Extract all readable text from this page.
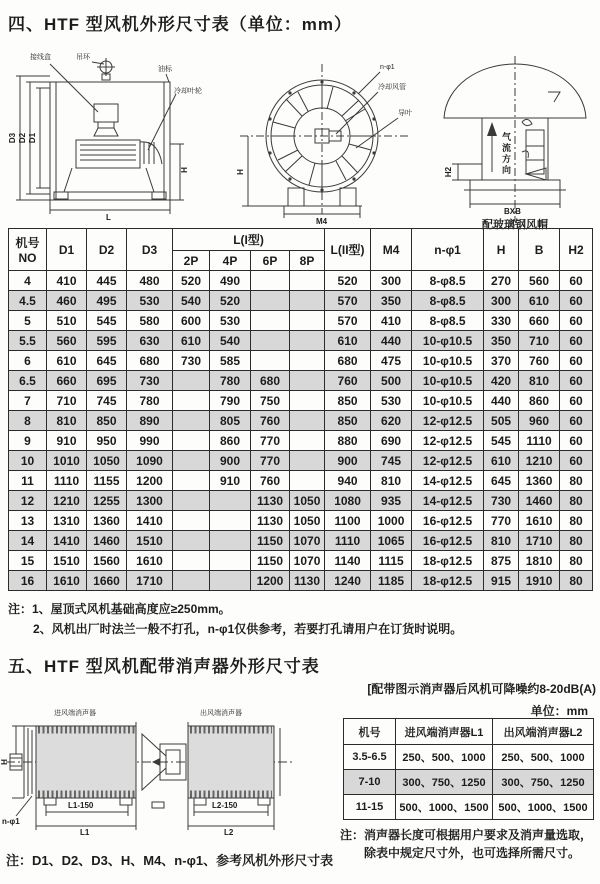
四、HTF 型风机外形尺寸表（单位：mm）
接线盒	吊环
油标
冷却叶轮
D3 D2 D1
L
H
n-φ1
冷却风管
导叶
M4
H	气流方向
H2
BXB
配玻璃钢风帽
机号
NO	D1	D2	D3	L(I型)				L(II型)	M4	n-φ1	H	B	H2
				2P	4P	6P	8P						
4	410	445	480	520	490			520	300	8-φ8.5	270	560	60
4.5	460	495	530	540	520			570	350	8-φ8.5	300	610	60
5	510	545	580	600	530			570	410	8-φ8.5	330	660	60
5.5	560	595	630	610	540			610	440	10-φ10.5	350	710	60
6	610	645	680	730	585			680	475	10-φ10.5	370	760	60
6.5	660	695	730		780	680		760	500	10-φ10.5	420	810	60
7	710	745	780		790	750		850	530	10-φ10.5	440	860	60
8	810	850	890		805	760		850	620	12-φ12.5	505	960	60
9	910	950	990		860	770		880	690	12-φ12.5	545	1110	60
10	1010	1050	1090		900	770		900	745	12-φ12.5	610	1210	60
11	1110	1155	1200		910	760		940	810	14-φ12.5	645	1360	80
12	1210	1255	1300			1130	1050	1080	935	14-φ12.5	730	1460	80
13	1310	1360	1410			1130	1050	1100	1000	16-φ12.5	770	1610	80
14	1410	1460	1510			1150	1070	1110	1065	16-φ12.5	810	1710	80
15	1510	1560	1610			1150	1070	1140	1115	18-φ12.5	875	1810	80
16	1610	1660	1710			1200	1130	1240	1185	18-φ12.5	915	1910	80
注：1、屋顶式风机基础高度应≥250mm。
2、风机出厂时法兰一般不打孔，n-φ1仅供参考，若要打孔请用户在订货时说明。
五、HTF 型风机配带消声器外形尺寸表
[配带图示消声器后风机可降噪约8-20dB(A)
单位：mm
进风端消声器	出风端消声器
H
n-φ1
L1-150
L1
L2-150
L2
机号	进风端消声器L1	出风端消声器L2
3.5-6.5	250、500、1000	250、500、1000
7-10	300、750、1250	300、750、1250
11-15	500、1000、1500	500、1000、1500
注：消声器长度可根据用户要求及消声量选取，
除表中规定尺寸外，也可选择所需尺寸。
注：D1、D2、D3、H、M4、n-φ1、参考风机外形尺寸表
